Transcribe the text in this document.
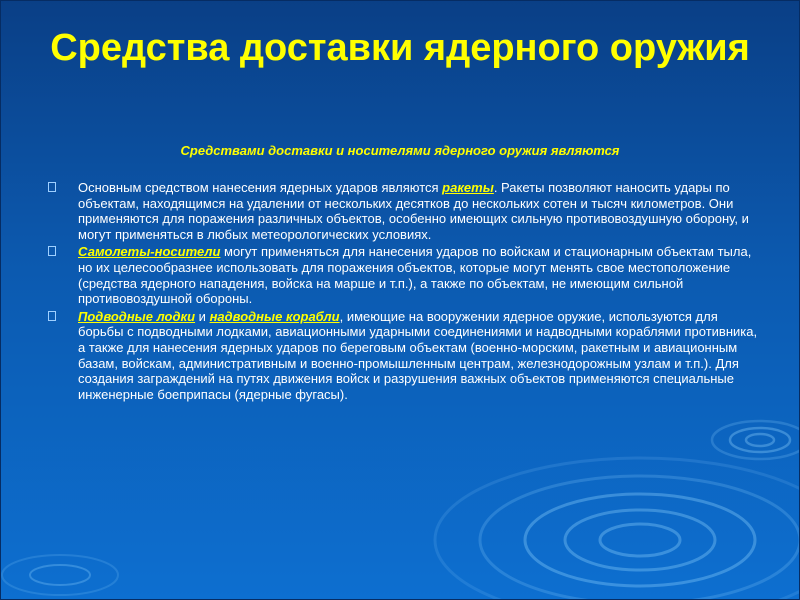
Средства доставки ядерного оружия
Средствами доставки и носителями ядерного оружия являются
Основным средством нанесения ядерных ударов являются ракеты. Ракеты позволяют наносить удары по объектам, находящимся на удалении от нескольких десятков до нескольких сотен и тысяч километров. Они применяются для поражения различных объектов, особенно имеющих сильную противовоздушную оборону, и могут применяться в любых метеорологических условиях.
Самолеты-носители могут применяться для нанесения ударов по войскам и стационарным объектам тыла, но их целесообразнее использовать для поражения объектов, которые могут менять свое местоположение (средства ядерного нападения, войска на марше и т.п.), а также по объектам, не имеющим сильной противовоздушной обороны.
Подводные лодки и надводные корабли, имеющие на вооружении ядерное оружие, используются для борьбы с подводными лодками, авиационными ударными соединениями и надводными кораблями противника, а также для нанесения ядерных ударов по береговым объектам (военно-морским, ракетным и авиационным базам, войскам, административным и военно-промышленным центрам, железнодорожным узлам и т.п.). Для создания заграждений на путях движения войск и разрушения важных объектов применяются специальные инженерные боеприпасы (ядерные фугасы).
